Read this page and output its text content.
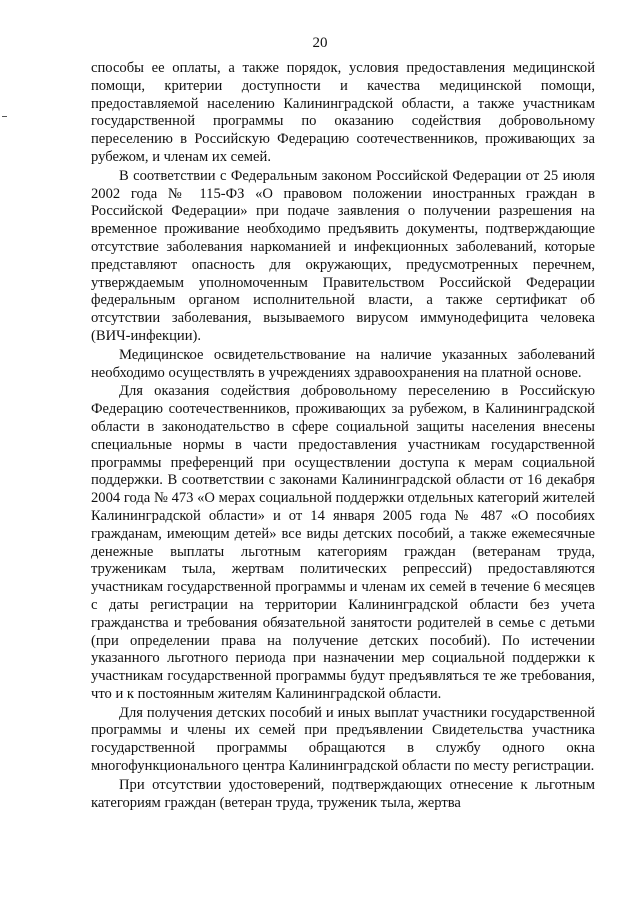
20

способы ее оплаты, а также порядок, условия предоставления медицинской помощи, критерии доступности и качества медицинской помощи, предоставляемой населению Калининградской области, а также участникам государственной программы по оказанию содействия добровольному переселению в Российскую Федерацию соотечественников, проживающих за рубежом, и членам их семей.

В соответствии с Федеральным законом Российской Федерации от 25 июля 2002 года № 115-ФЗ «О правовом положении иностранных граждан в Российской Федерации» при подаче заявления о получении разрешения на временное проживание необходимо предъявить документы, подтверждающие отсутствие заболевания наркоманией и инфекционных заболеваний, которые представляют опасность для окружающих, предусмотренных перечнем, утверждаемым уполномоченным Правительством Российской Федерации федеральным органом исполнительной власти, а также сертификат об отсутствии заболевания, вызываемого вирусом иммунодефицита человека (ВИЧ-инфекции).

Медицинское освидетельствование на наличие указанных заболеваний необходимо осуществлять в учреждениях здравоохранения на платной основе.

Для оказания содействия добровольному переселению в Российскую Федерацию соотечественников, проживающих за рубежом, в Калининградской области в законодательство в сфере социальной защиты населения внесены специальные нормы в части предоставления участникам государственной программы преференций при осуществлении доступа к мерам социальной поддержки. В соответствии с законами Калининградской области от 16 декабря 2004 года № 473 «О мерах социальной поддержки отдельных категорий жителей Калининградской области» и от 14 января 2005 года № 487 «О пособиях гражданам, имеющим детей» все виды детских пособий, а также ежемесячные денежные выплаты льготным категориям граждан (ветеранам труда, труженикам тыла, жертвам политических репрессий) предоставляются участникам государственной программы и членам их семей в течение 6 месяцев с даты регистрации на территории Калининградской области без учета гражданства и требования обязательной занятости родителей в семье с детьми (при определении права на получение детских пособий). По истечении указанного льготного периода при назначении мер социальной поддержки к участникам государственной программы будут предъявляться те же требования, что и к постоянным жителям Калининградской области.

Для получения детских пособий и иных выплат участники государственной программы и члены их семей при предъявлении Свидетельства участника государственной программы обращаются в службу одного окна многофункционального центра Калининградской области по месту регистрации.

При отсутствии удостоверений, подтверждающих отнесение к льготным категориям граждан (ветеран труда, труженик тыла, жертва
